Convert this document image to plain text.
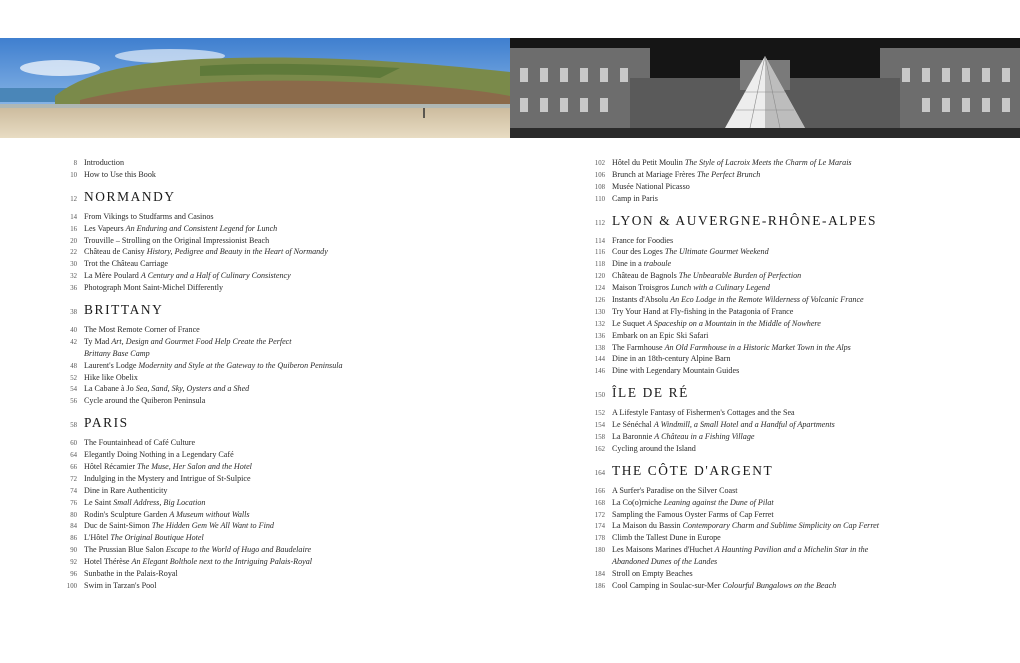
8 Introduction
10 How to Use this Book
12 NORMANDY
14 From Vikings to Studfarms and Casinos
16 Les Vapeurs An Enduring and Consistent Legend for Lunch
20 Trouville – Strolling on the Original Impressionist Beach
22 Château de Canisy History, Pedigree and Beauty in the Heart of Normandy
30 Trot the Château Carriage
32 La Mère Poulard A Century and a Half of Culinary Consistency
36 Photograph Mont Saint-Michel Differently
38 BRITTANY
40 The Most Remote Corner of France
42 Ty Mad Art, Design and Gourmet Food Help Create the Perfect
Brittany Base Camp
48 Laurent's Lodge Modernity and Style at the Gateway to the Quiberon Peninsula
52 Hike like Obelix
54 La Cabane à Jo Sea, Sand, Sky, Oysters and a Shed
56 Cycle around the Quiberon Peninsula
58 PARIS
60 The Fountainhead of Café Culture
64 Elegantly Doing Nothing in a Legendary Café
66 Hôtel Récamier The Muse, Her Salon and the Hotel
72 Indulging in the Mystery and Intrigue of St-Sulpice
74 Dine in Rare Authenticity
76 Le Saint Small Address, Big Location
80 Rodin's Sculpture Garden A Museum without Walls
84 Duc de Saint-Simon The Hidden Gem We All Want to Find
86 L'Hôtel The Original Boutique Hotel
90 The Prussian Blue Salon Escape to the World of Hugo and Baudelaire
92 Hotel Thérèse An Elegant Bolthole next to the Intriguing Palais-Royal
96 Sunbathe in the Palais-Royal
100 Swim in Tarzan's Pool
102 Hôtel du Petit Moulin The Style of Lacroix Meets the Charm of Le Marais
106 Brunch at Mariage Frères The Perfect Brunch
108 Musée National Picasso
110 Camp in Paris
112 LYON & AUVERGNE-RHÔNE-ALPES
114 France for Foodies
116 Cour des Loges The Ultimate Gourmet Weekend
118 Dine in a traboule
120 Château de Bagnols The Unbearable Burden of Perfection
124 Maison Troisgros Lunch with a Culinary Legend
126 Instants d'Absolu An Eco Lodge in the Remote Wilderness of Volcanic France
130 Try Your Hand at Fly-fishing in the Patagonia of France
132 Le Suquet A Spaceship on a Mountain in the Middle of Nowhere
136 Embark on an Epic Ski Safari
138 The Farmhouse An Old Farmhouse in a Historic Market Town in the Alps
144 Dine in an 18th-century Alpine Barn
146 Dine with Legendary Mountain Guides
150 ÎLE DE RÉ
152 A Lifestyle Fantasy of Fishermen's Cottages and the Sea
154 Le Sénéchal A Windmill, a Small Hotel and a Handful of Apartments
158 La Baronnie A Château in a Fishing Village
162 Cycling around the Island
164 THE CÔTE D'ARGENT
166 A Surfer's Paradise on the Silver Coast
168 La Co(o)rniche Leaning against the Dune of Pilat
172 Sampling the Famous Oyster Farms of Cap Ferret
174 La Maison du Bassin Contemporary Charm and Sublime Simplicity on Cap Ferret
178 Climb the Tallest Dune in Europe
180 Les Maisons Marines d'Huchet A Haunting Pavilion and a Michelin Star in the
Abandoned Dunes of the Landes
184 Stroll on Empty Beaches
186 Cool Camping in Soulac-sur-Mer Colourful Bungalows on the Beach
